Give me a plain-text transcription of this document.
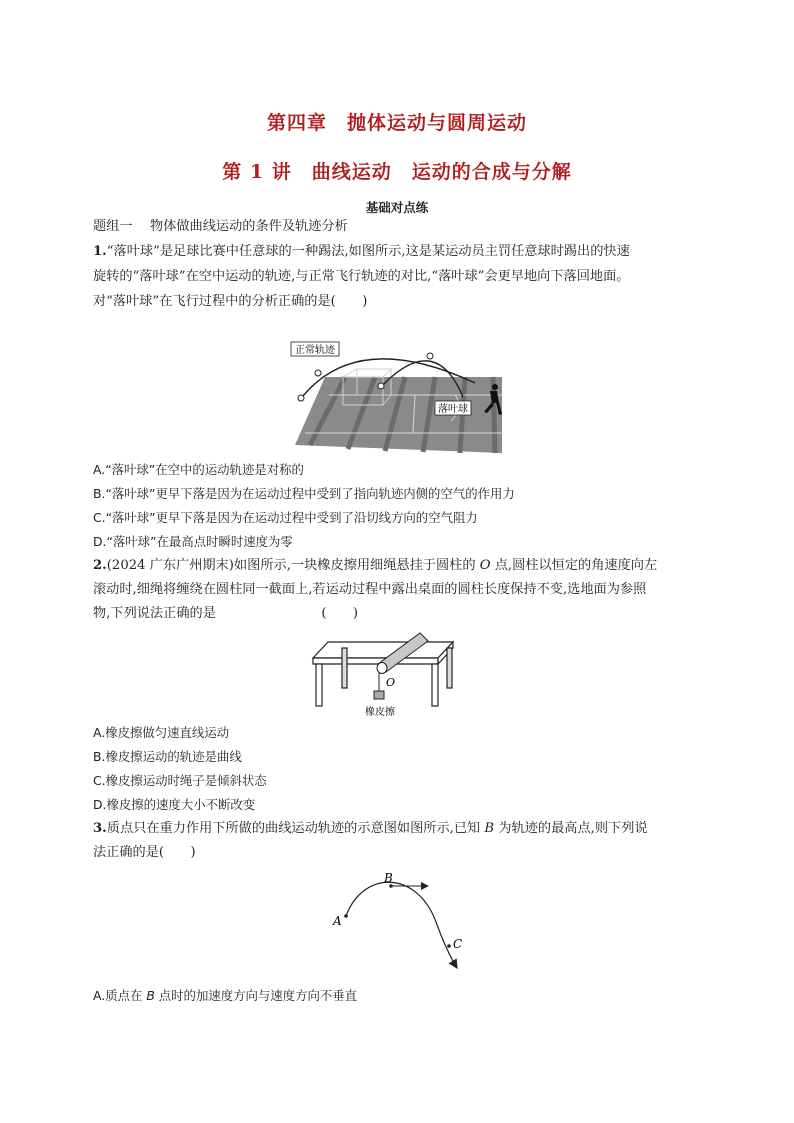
第四章　抛体运动与圆周运动
第 1 讲　曲线运动　运动的合成与分解
基础对点练
题组一　 物体做曲线运动的条件及轨迹分析
1.“落叶球”是足球比赛中任意球的一种踢法,如图所示,这是某运动员主罚任意球时踢出的快速
旋转的“落叶球”在空中运动的轨迹,与正常飞行轨迹的对比,“落叶球”会更早地向下落回地面。
对“落叶球”在飞行过程中的分析正确的是(　　)
正常轨迹
落叶球
A.“落叶球”在空中的运动轨迹是对称的
B.“落叶球”更早下落是因为在运动过程中受到了指向轨迹内侧的空气的作用力
C.“落叶球”更早下落是因为在运动过程中受到了沿切线方向的空气阻力
D.“落叶球”在最高点时瞬时速度为零
2.(2024 广东广州期末)如图所示,一块橡皮擦用细绳悬挂于圆柱的 O 点,圆柱以恒定的角速度向左
滚动时,细绳将缠绕在圆柱同一截面上,若运动过程中露出桌面的圆柱长度保持不变,选地面为参照
物,下列说法正确的是　　　　　　　　(　　)
O
橡皮擦
A.橡皮擦做匀速直线运动
B.橡皮擦运动的轨迹是曲线
C.橡皮擦运动时绳子是倾斜状态
D.橡皮擦的速度大小不断改变
3.质点只在重力作用下所做的曲线运动轨迹的示意图如图所示,已知 B 为轨迹的最高点,则下列说
法正确的是(　　)
A
B
C
A.质点在 B 点时的加速度方向与速度方向不垂直
